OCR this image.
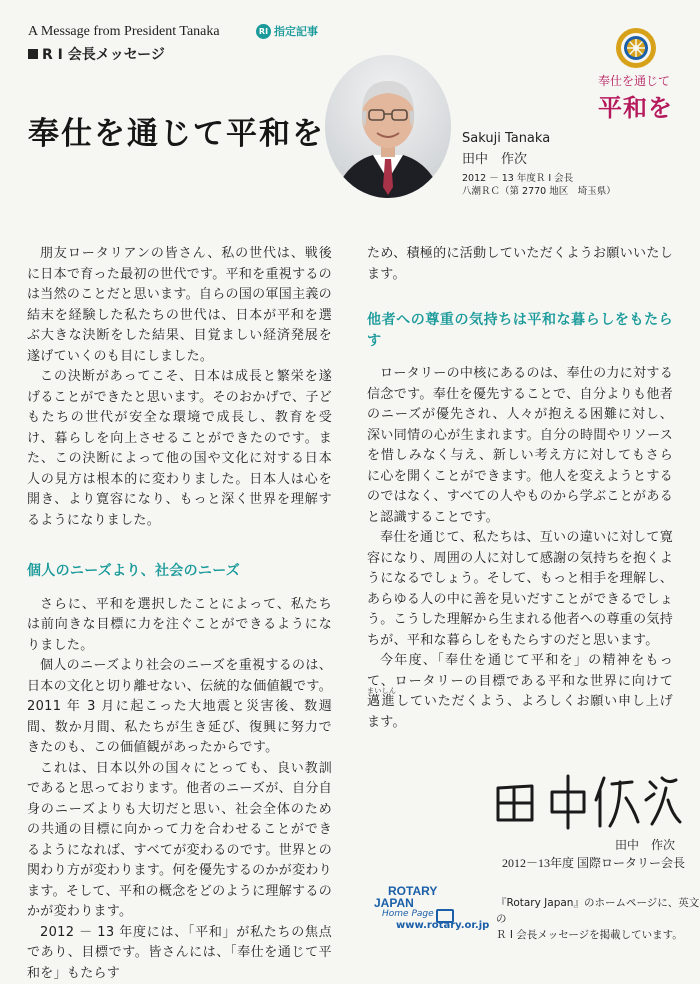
A Message from President Tanaka	RI 指定記事
R I 会長メッセージ
奉仕を通じて平和を	Sakuji Tanaka
田中　作次
2012 － 13 年度Ｒ I 会長
八潮ＲＣ（第 2770 地区　埼玉県）
奉仕を通じて
平和を

朋友ロータリアンの皆さん、私の世代は、戦後に日本で育った最初の世代です。平和を重視するのは当然のことだと思います。自らの国の軍国主義の結末を経験した私たちの世代は、日本が平和を選ぶ大きな決断をした結果、目覚ましい経済発展を遂げていくのも目にしました。

この決断があってこそ、日本は成長と繁栄を遂げることができたと思います。そのおかげで、子どもたちの世代が安全な環境で成長し、教育を受け、暮らしを向上させることができたのです。また、この決断によって他の国や文化に対する日本人の見方は根本的に変わりました。日本人は心を開き、より寛容になり、もっと深く世界を理解するようになりました。

個人のニーズより、社会のニーズ

さらに、平和を選択したことによって、私たちは前向きな目標に力を注ぐことができるようになりました。

個人のニーズより社会のニーズを重視するのは、日本の文化と切り離せない、伝統的な価値観です。2011 年 3 月に起こった大地震と災害後、数週間、数か月間、私たちが生き延び、復興に努力できたのも、この価値観があったからです。

これは、日本以外の国々にとっても、良い教訓であると思っております。他者のニーズが、自分自身のニーズよりも大切だと思い、社会全体のための共通の目標に向かって力を合わせることができるようになれば、すべてが変わるのです。世界との関わり方が変わります。何を優先するのかが変わります。そして、平和の概念をどのように理解するのかが変わります。

2012 － 13 年度には、「平和」が私たちの焦点であり、目標です。皆さんには、「奉仕を通じて平和を」もたらす

ため、積極的に活動していただくようお願いいたします。

他者への尊重の気持ちは平和な暮らしをもたらす

ロータリーの中核にあるのは、奉仕の力に対する信念です。奉仕を優先することで、自分よりも他者のニーズが優先され、人々が抱える困難に対し、深い同情の心が生まれます。自分の時間やリソースを惜しみなく与え、新しい考え方に対してもさらに心を開くことができます。他人を変えようとするのではなく、すべての人やものから学ぶことがあると認識することです。

奉仕を通じて、私たちは、互いの違いに対して寛容になり、周囲の人に対して感謝の気持ちを抱くようになるでしょう。そして、もっと相手を理解し、あらゆる人の中に善を見いだすことができるでしょう。こうした理解から生まれる他者への尊重の気持ちが、平和な暮らしをもたらすのだと思います。

今年度、「奉仕を通じて平和を」の精神をもって、ロータリーの目標である平和な世界に向けて邁進まいしんしていただくよう、よろしくお願い申し上げます。

田中　作次
2012－13年度 国際ロータリー会長
ROTARY
JAPAN
Home Page
www.rotary.or.jp
『Rotary Japan』のホームページに、英文の
Ｒ I 会長メッセージを掲載しています。
